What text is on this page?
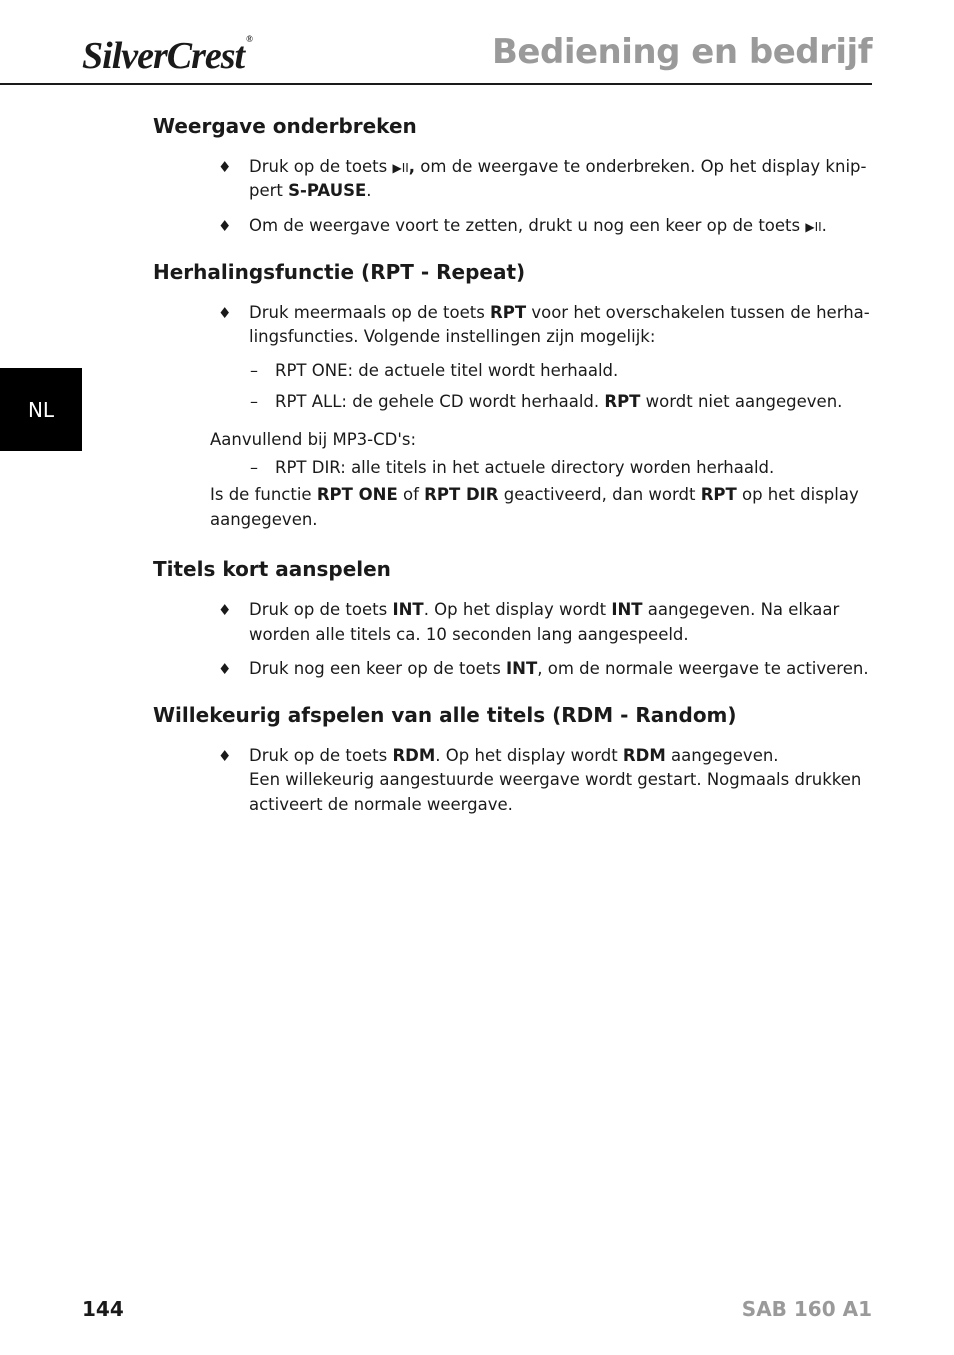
SilverCrest ®	Bediening en bedrijf
NL
Weergave onderbreken
♦ Druk op de toets ▶II, om de weergave te onderbreken. Op het display knip-
pert S-PAUSE.
♦ Om de weergave voort te zetten, drukt u nog een keer op de toets ▶II.
Herhalingsfunctie (RPT - Repeat)
♦ Druk meermaals op de toets RPT voor het overschakelen tussen de herha-
lingsfuncties. Volgende instellingen zijn mogelijk:
– RPT ONE: de actuele titel wordt herhaald.
– RPT ALL: de gehele CD wordt herhaald. RPT wordt niet aangegeven.
Aanvullend bij MP3-CD's:
– RPT DIR: alle titels in het actuele directory worden herhaald.
Is de functie RPT ONE of RPT DIR geactiveerd, dan wordt RPT op het display
aangegeven.
Titels kort aanspelen
♦ Druk op de toets INT. Op het display wordt INT aangegeven. Na elkaar
worden alle titels ca. 10 seconden lang aangespeeld.
♦ Druk nog een keer op de toets INT, om de normale weergave te activeren.
Willekeurig afspelen van alle titels (RDM - Random)
♦ Druk op de toets RDM. Op het display wordt RDM aangegeven.
Een willekeurig aangestuurde weergave wordt gestart. Nogmaals drukken
activeert de normale weergave.
144	SAB 160 A1
